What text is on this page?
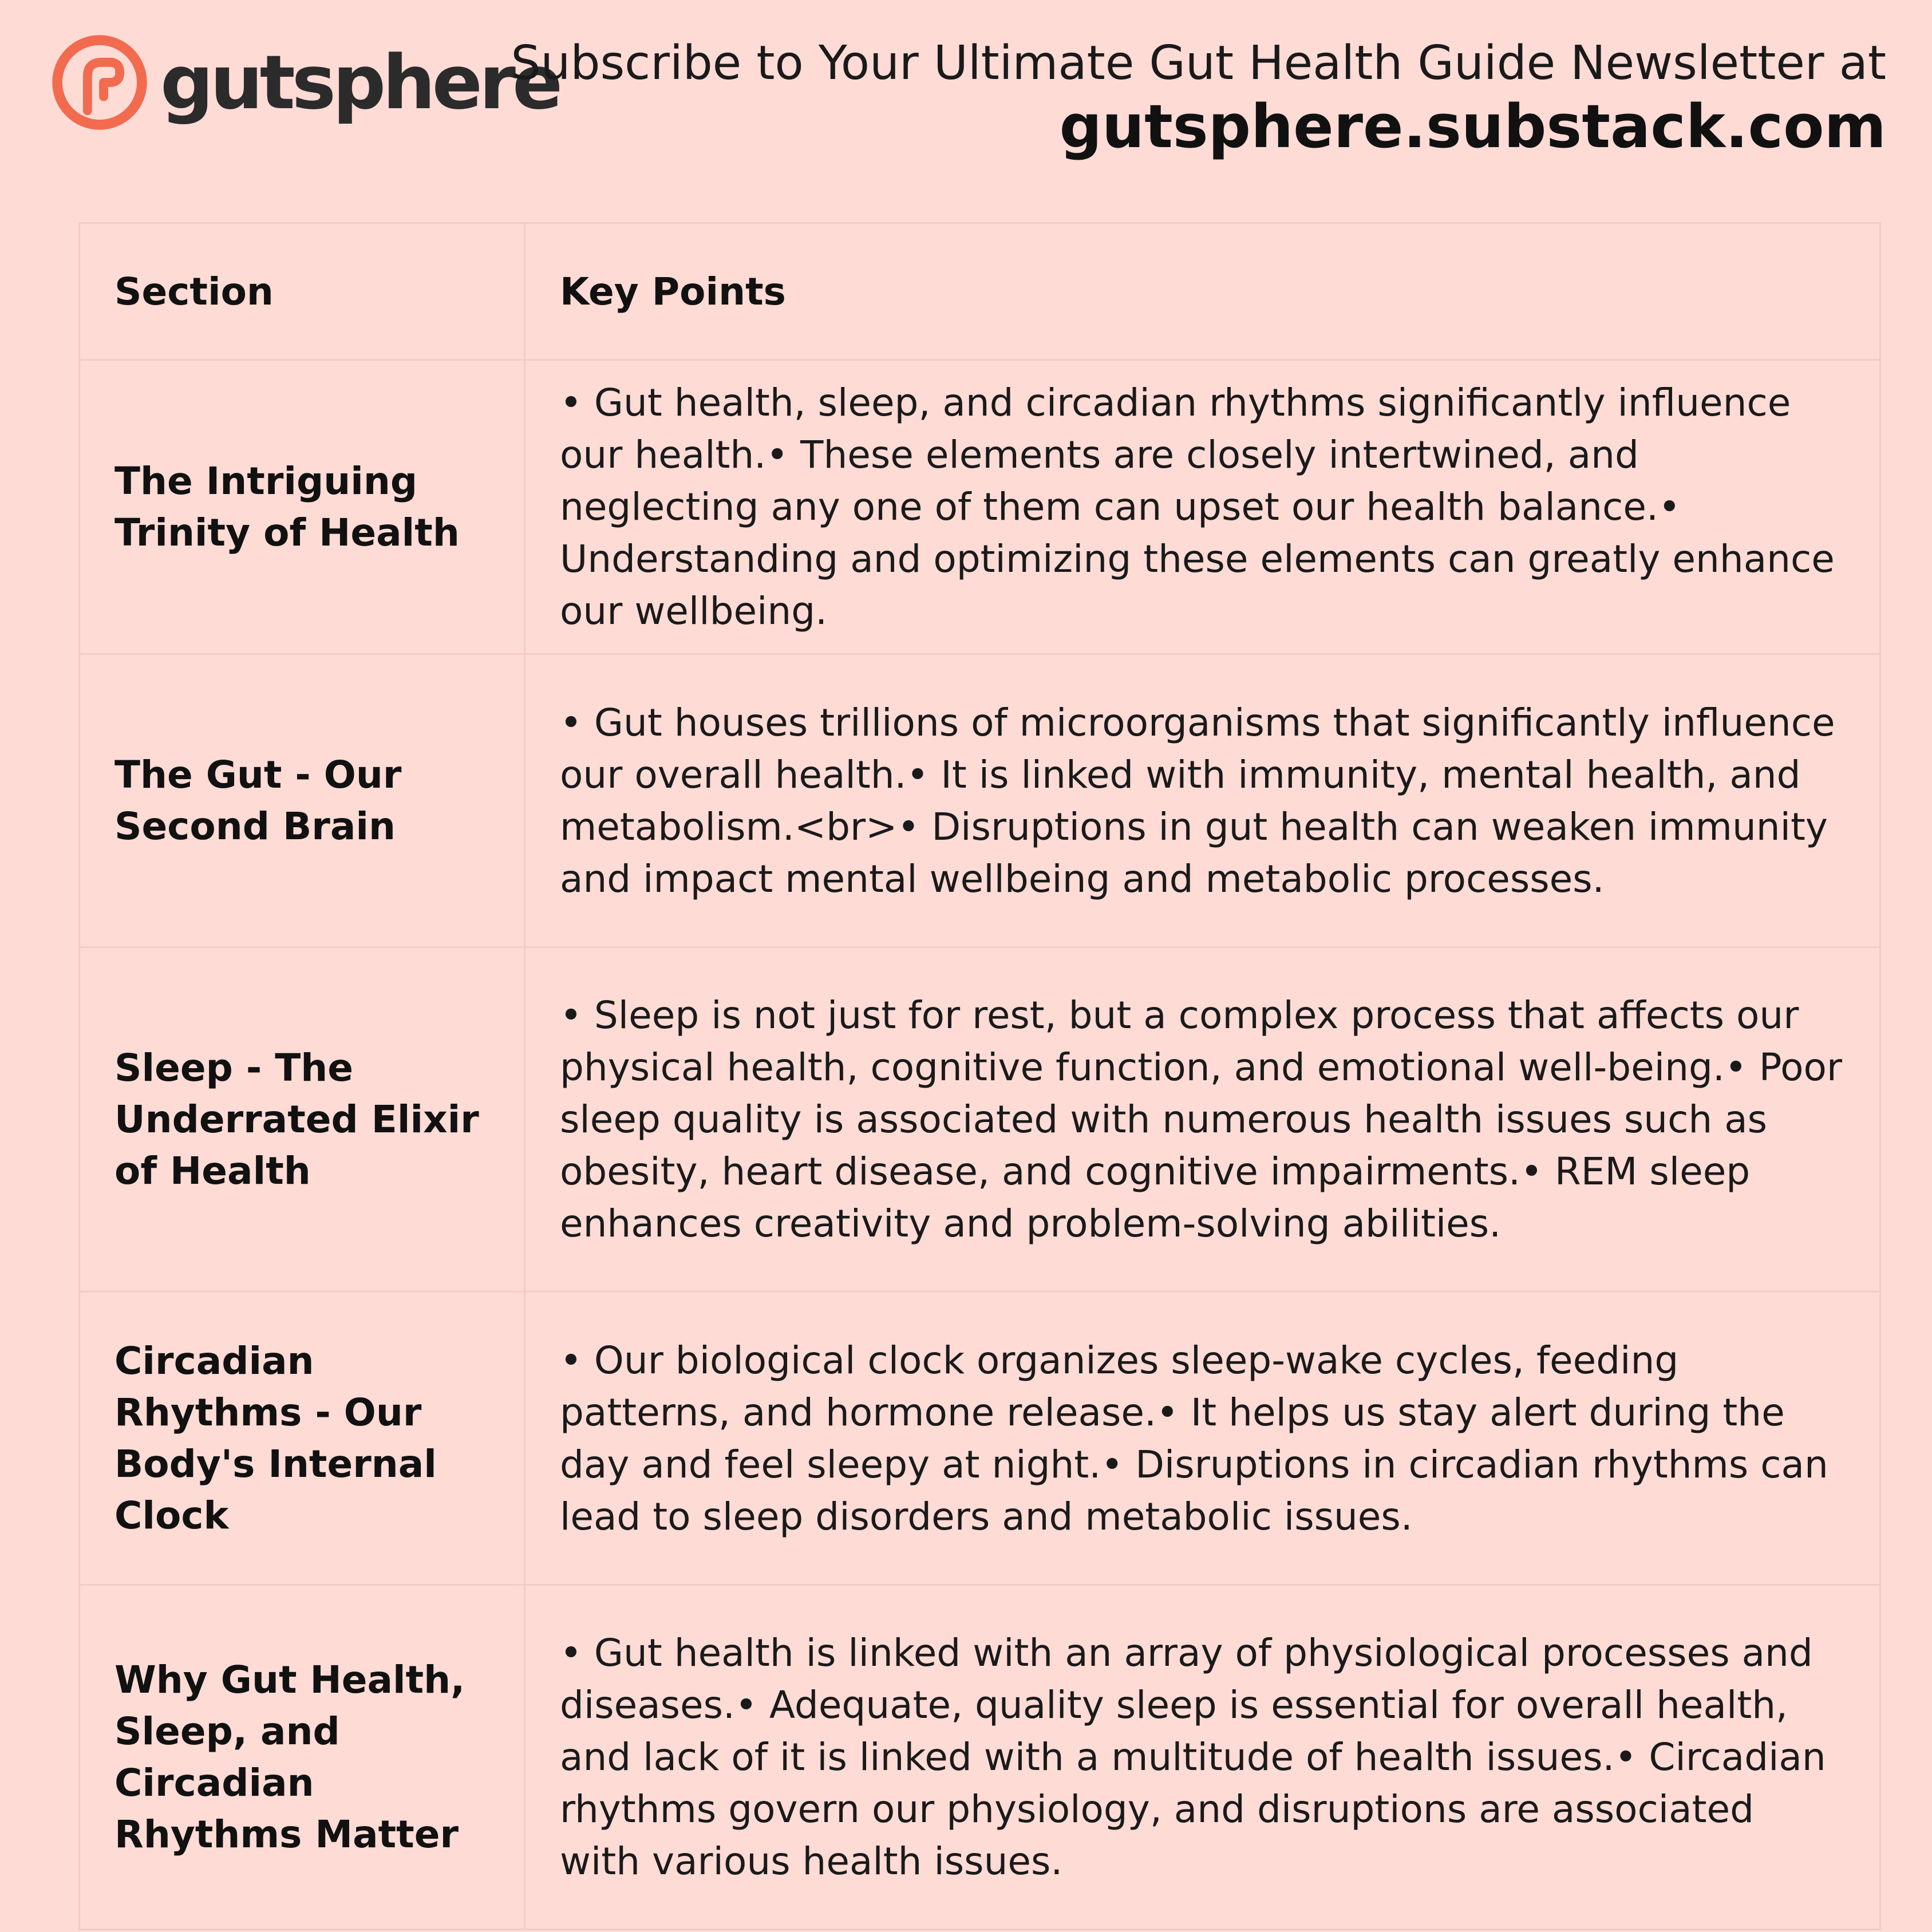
gutsphere
Subscribe to Your Ultimate Gut Health Guide Newsletter at
gutsphere.substack.com
Section	Key Points

The Intriguing Trinity of Health	• Gut health, sleep, and circadian rhythms significantly influence our health.• These elements are closely intertwined, and neglecting any one of them can upset our health balance.• Understanding and optimizing these elements can greatly enhance our wellbeing.

The Gut - Our Second Brain	• Gut houses trillions of microorganisms that significantly influence our overall health.• It is linked with immunity, mental health, and metabolism.<br>• Disruptions in gut health can weaken immunity and impact mental wellbeing and metabolic processes.

Sleep - The Underrated Elixir of Health	• Sleep is not just for rest, but a complex process that affects our physical health, cognitive function, and emotional well-being.• Poor sleep quality is associated with numerous health issues such as obesity, heart disease, and cognitive impairments.• REM sleep enhances creativity and problem-solving abilities.

Circadian Rhythms - Our Body's Internal Clock	• Our biological clock organizes sleep-wake cycles, feeding patterns, and hormone release.• It helps us stay alert during the day and feel sleepy at night.• Disruptions in circadian rhythms can lead to sleep disorders and metabolic issues.

Why Gut Health, Sleep, and Circadian Rhythms Matter	• Gut health is linked with an array of physiological processes and diseases.• Adequate, quality sleep is essential for overall health, and lack of it is linked with a multitude of health issues.• Circadian rhythms govern our physiology, and disruptions are associated with various health issues.
